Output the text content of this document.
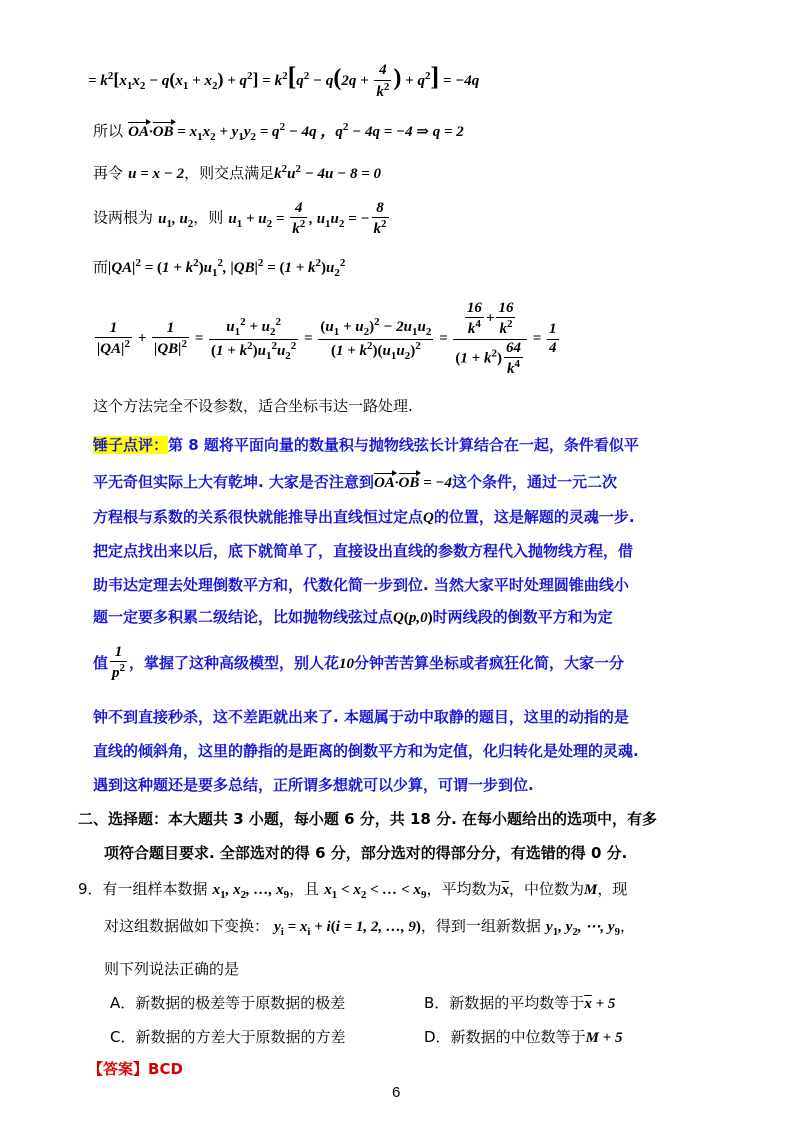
= $k^2[x_1x_2 - q(x_1 + x_2) + q^2] = k^2[q^2 - q(2q + \frac{4}{k^2}$ ) + $q^2] = -4q$
所以 $OA\cdot OB = x_1x_2 + y_1y_2 = q^2 - 4q$ ，$q^2 - 4q = -4$ ⇒ q = 2
再令 u = x − 2，则交点满足$k^2u^2 - 4u - 8 = 0$
设两根为 $u_1$, $u_2$，则 $u_1 + u_2 = \frac{4}{k^2}$ , $u_1u_2$ = − $\frac{8}{k^2}$
而$|QA|^2 = (1 + k^2)u_1^2$, $|QB|^2 = (1 + k^2)u_2^2$
$\frac{1}{|QA|^2} + \frac{1}{|QB|^2} = \frac{u_1^2 + u_2^2}{(1 + k^2)u_1^2u_2^2} = \frac{(u_1 + u_2)^2 - 2u_1u_2}{(1 + k^2)(u_1u_2)^2} = \frac{\frac{16}{k^4} + \frac{16}{k^2}}{(1 + k^2) \frac{64}{k^4}} = \frac{1}{4}$
这个方法完全不设参数，适合坐标韦达一路处理.
锤子点评：第 8 题将平面向量的数量积与抛物线弦长计算结合在一起，条件看似平
平无奇但实际上大有乾坤. 大家是否注意到OA·OB = −4这个条件，通过一元二次
方程根与系数的关系很快就能推导出直线恒过定点Q的位置，这是解题的灵魂一步.
把定点找出来以后，底下就简单了，直接设出直线的参数方程代入抛物线方程，借
助韦达定理去处理倒数平方和，代数化简一步到位. 当然大家平时处理圆锥曲线小
题一定要多积累二级结论，比如抛物线弦过点Q(p,0)时两线段的倒数平方和为定
值 $\frac{1}{p^2}$ ，掌握了这种高级模型，别人花10分钟苦苦算坐标或者疯狂化简，大家一分
钟不到直接秒杀，这不差距就出来了. 本题属于动中取静的题目，这里的动指的是
直线的倾斜角，这里的静指的是距离的倒数平方和为定值，化归转化是处理的灵魂.
遇到这种题还是要多总结，正所谓多想就可以少算，可谓一步到位.
二、选择题：本大题共 3 小题，每小题 6 分，共 18 分. 在每小题给出的选项中，有多
项符合题目要求. 全部选对的得 6 分，部分选对的得部分分，有选错的得 0 分.
9．有一组样本数据 $x_1$, $x_2$, …, $x_9$，且 $x_1 < x_2$ < … < $x_9$，平均数为$\overline{x}$，中位数为M，现
对这组数据做如下变换： $y_i = x_i + i(i = 1$, 2, …, 9)，得到一组新数据 $y_1$, $y_2$, ⋯, $y_9$，
则下列说法正确的是
A．新数据的极差等于原数据的极差	B．新数据的平均数等于$\overline{x} + 5$
C．新数据的方差大于原数据的方差	D．新数据的中位数等于M + 5
【答案】BCD
6
